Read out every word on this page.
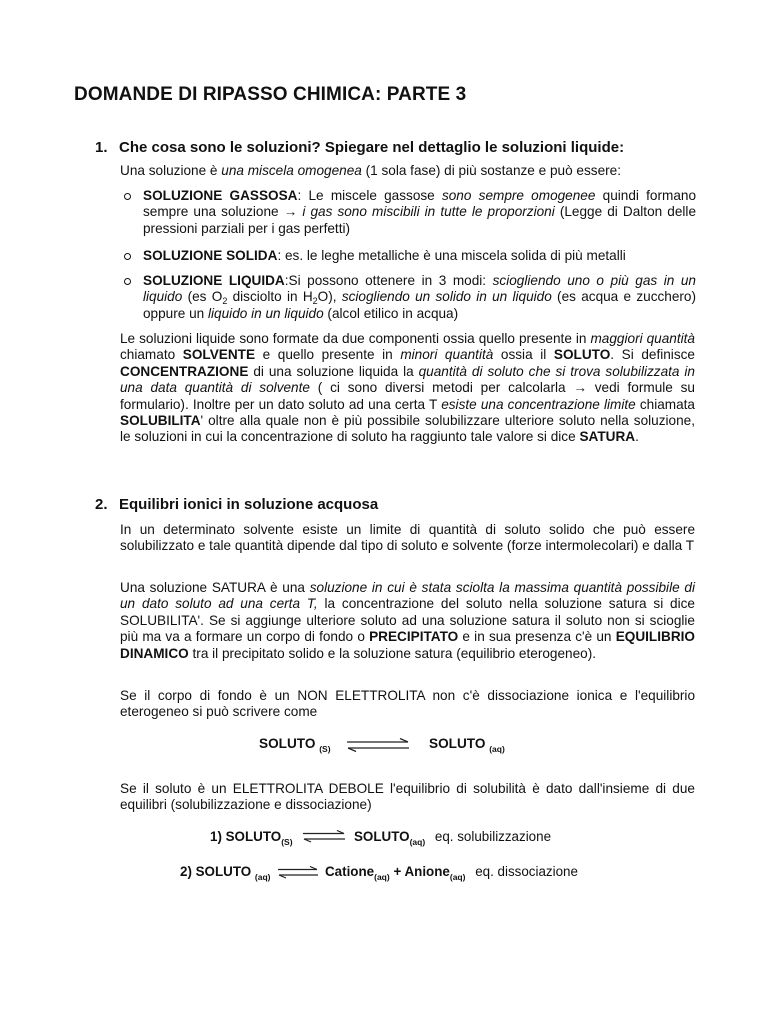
DOMANDE DI RIPASSO CHIMICA: PARTE 3
1. Che cosa sono le soluzioni? Spiegare nel dettaglio le soluzioni liquide:
Una soluzione è una miscela omogenea (1 sola fase) di più sostanze e può essere:
SOLUZIONE GASSOSA: Le miscele gassose sono sempre omogenee quindi formano sempre una soluzione → i gas sono miscibili in tutte le proporzioni (Legge di Dalton delle pressioni parziali per i gas perfetti)
SOLUZIONE SOLIDA: es. le leghe metalliche è una miscela solida di più metalli
SOLUZIONE LIQUIDA:Si possono ottenere in 3 modi: sciogliendo uno o più gas in un liquido (es $O_2$ disciolto in $H_2O$), sciogliendo un solido in un liquido (es acqua e zucchero) oppure un liquido in un liquido (alcol etilico in acqua)
Le soluzioni liquide sono formate da due componenti ossia quello presente in maggiori quantità chiamato SOLVENTE e quello presente in minori quantità ossia il SOLUTO. Si definisce CONCENTRAZIONE di una soluzione liquida la quantità di soluto che si trova solubilizzata in una data quantità di solvente ( ci sono diversi metodi per calcolarla → vedi formule su formulario). Inoltre per un dato soluto ad una certa T esiste una concentrazione limite chiamata SOLUBILITA' oltre alla quale non è più possibile solubilizzare ulteriore soluto nella soluzione, le soluzioni in cui la concentrazione di soluto ha raggiunto tale valore si dice SATURA.
2. Equilibri ionici in soluzione acquosa
In un determinato solvente esiste un limite di quantità di soluto solido che può essere solubilizzato e tale quantità dipende dal tipo di soluto e solvente (forze intermolecolari) e dalla T
Una soluzione SATURA è una soluzione in cui è stata sciolta la massima quantità possibile di un dato soluto ad una certa T, la concentrazione del soluto nella soluzione satura si dice SOLUBILITA'. Se si aggiunge ulteriore soluto ad una soluzione satura il soluto non si scioglie più ma va a formare un corpo di fondo o PRECIPITATO e in sua presenza c'è un EQUILIBRIO DINAMICO tra il precipitato solido e la soluzione satura (equilibrio eterogeneo).
Se il corpo di fondo è un NON ELETTROLITA non c'è dissociazione ionica e l'equilibrio eterogeneo si può scrivere come
SOLUTO $_{(S)}$ ⇌ SOLUTO $_{(aq)}$
Se il soluto è un ELETTROLITA DEBOLE l'equilibrio di solubilità è dato dall'insieme di due equilibri (solubilizzazione e dissociazione)
1) $SOLUTO_{(S)}$ ⇌ $SOLUTO_{(aq)}$ eq. solubilizzazione
2) SOLUTO $_{(aq)}$ ⇌ Catione$_{(aq)}$ + Anione$_{(aq)}$ eq. dissociazione
